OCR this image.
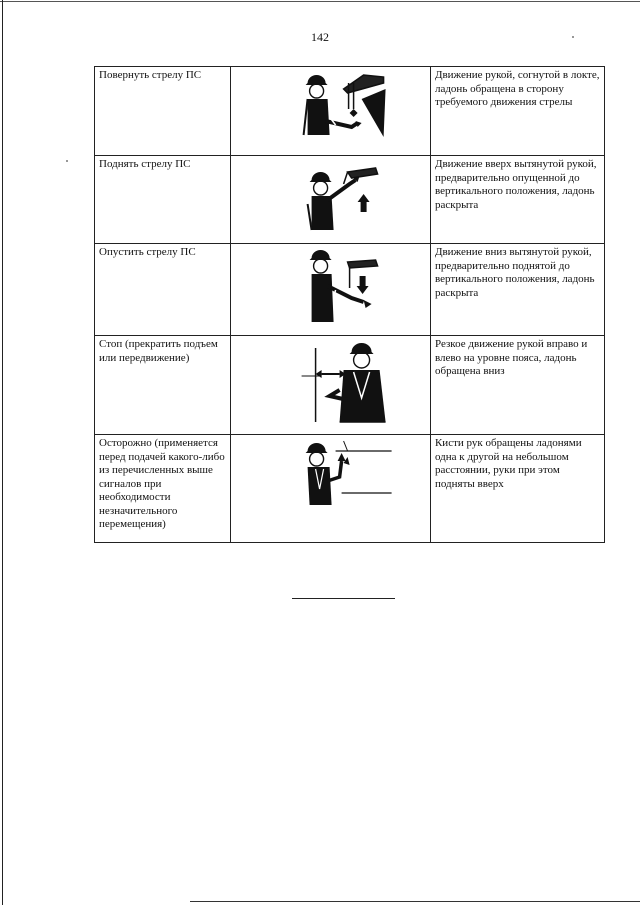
142
Повернуть стрелу ПС		Движение рукой, согнутой в локте, ладонь обращена в сторону требуемого движения стрелы
Поднять стрелу ПС		Движение вверх вытянутой рукой, предварительно опущенной до вертикального положения, ладонь раскрыта
Опустить стрелу ПС		Движение вниз вытянутой рукой, предварительно поднятой до вертикального положения, ладонь раскрыта
Стоп (прекратить подъем или передвижение)		Резкое движение рукой вправо и влево на уровне пояса, ладонь обращена вниз
Осторожно (применяется перед подачей какого-либо из перечисленных выше сигналов при необходимости незначительного перемещения)		Кисти рук обращены ладонями одна к другой на небольшом расстоянии, руки при этом подняты вверх
